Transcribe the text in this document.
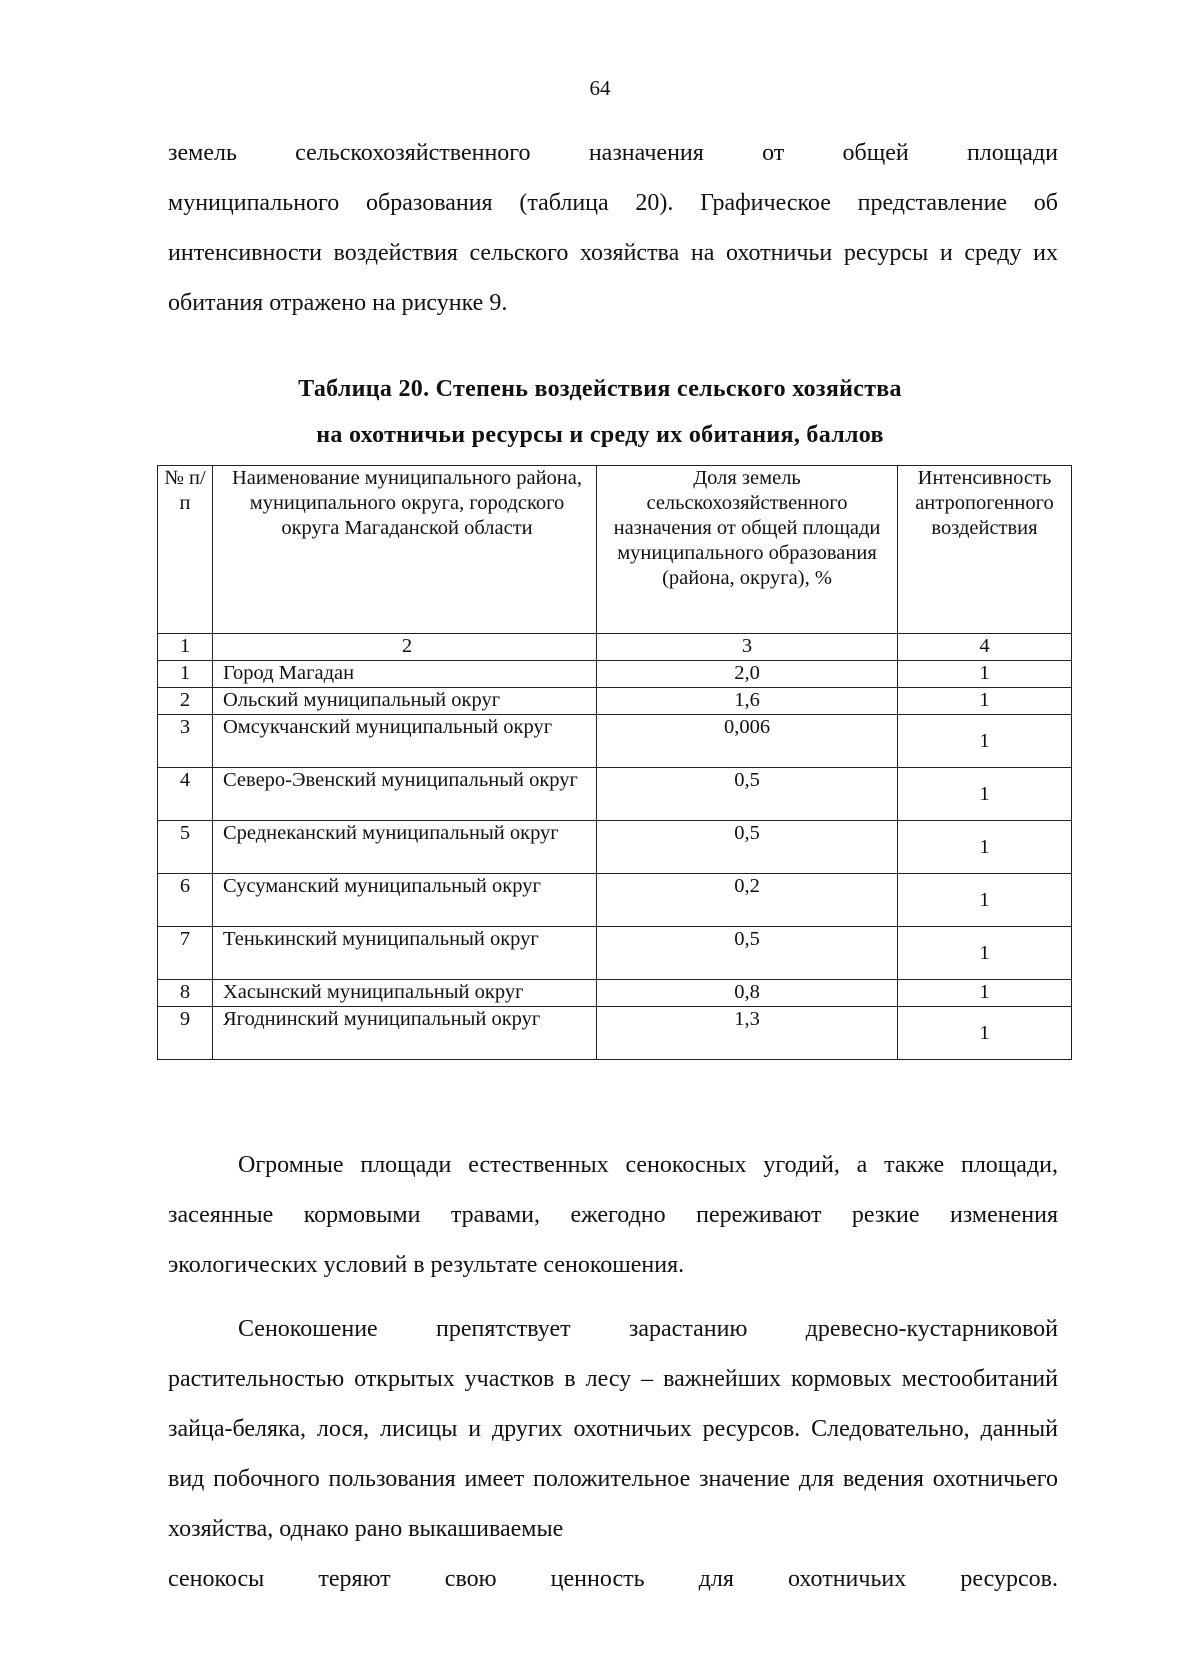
64
земель сельскохозяйственного назначения от общей площади

муниципального образования (таблица 20). Графическое представление об интенсивности воздействия сельского хозяйства на охотничьи ресурсы и среду их обитания отражено на рисунке 9.

Таблица 20. Степень воздействия сельского хозяйства
на охотничьи ресурсы и среду их обитания, баллов
№ п/п	Наименование муниципального района, муниципального округа, городского округа Магаданской области	Доля земель сельскохозяйственного назначения от общей площади муниципального образования (района, округа), %	Интенсивность антропогенного воздействия
1	2	3	4
1	Город Магадан	2,0	1
2	Ольский муниципальный округ	1,6	1
3	Омсукчанский муниципальный округ	0,006	1
4	Северо-Эвенский муниципальный округ	0,5	1
5	Среднеканский муниципальный округ	0,5	1
6	Сусуманский муниципальный округ	0,2	1
7	Тенькинский муниципальный округ	0,5	1
8	Хасынский муниципальный округ	0,8	1
9	Ягоднинский муниципальный округ	1,3	1

Огромные площади естественных сенокосных угодий, а также площади, засеянные кормовыми травами, ежегодно переживают резкие изменения экологических условий в результате сенокошения.

Сенокошение препятствует зарастанию древесно-кустарниковой растительностью открытых участков в лесу – важнейших кормовых местообитаний зайца-беляка, лося, лисицы и других охотничьих ресурсов. Следовательно, данный вид побочного пользования имеет положительное значение для ведения охотничьего хозяйства, однако рано выкашиваемые

сенокосы теряют свою ценность для охотничьих ресурсов.
